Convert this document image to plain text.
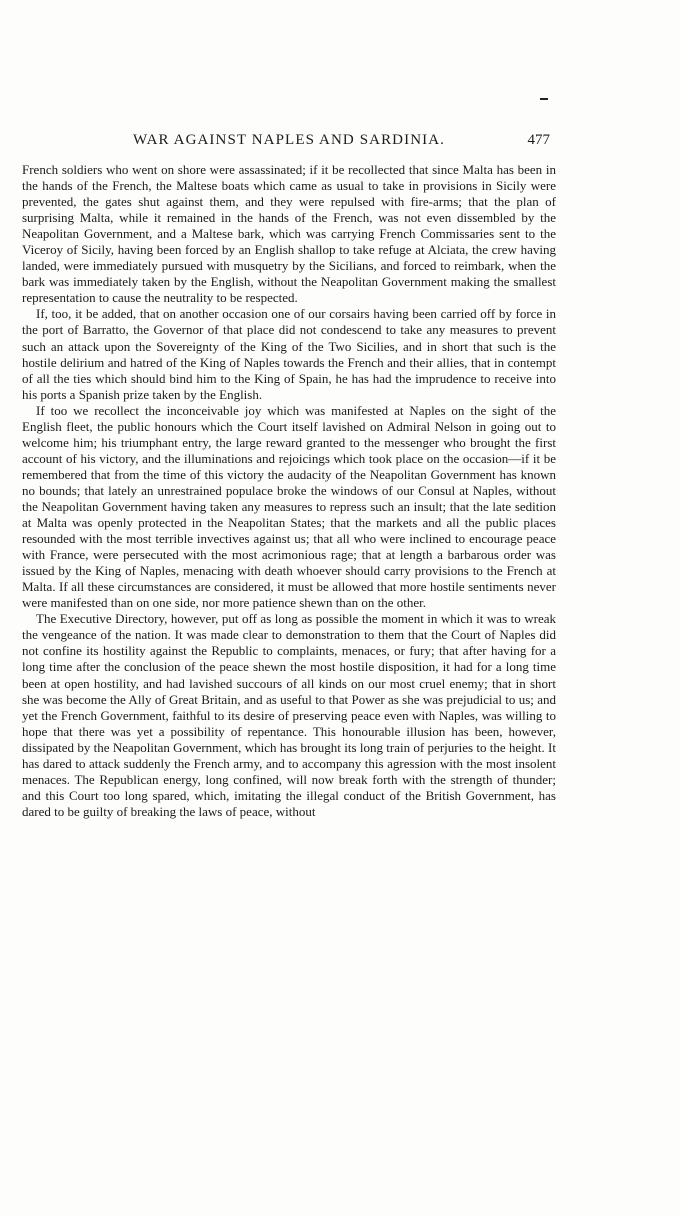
WAR AGAINST NAPLES AND SARDINIA.	477

French soldiers who went on shore were assassinated; if it be recollected that since Malta has been in the hands of the French, the Maltese boats which came as usual to take in provisions in Sicily were prevented, the gates shut against them, and they were repulsed with fire-arms; that the plan of surprising Malta, while it remained in the hands of the French, was not even dissembled by the Neapolitan Government, and a Maltese bark, which was carrying French Commissaries sent to the Viceroy of Sicily, having been forced by an English shallop to take refuge at Alciata, the crew having landed, were immediately pursued with musquetry by the Sicilians, and forced to reimbark, when the bark was immediately taken by the English, without the Neapolitan Government making the smallest representation to cause the neutrality to be respected.

If, too, it be added, that on another occasion one of our corsairs having been carried off by force in the port of Barratto, the Governor of that place did not condescend to take any measures to prevent such an attack upon the Sovereignty of the King of the Two Sicilies, and in short that such is the hostile delirium and hatred of the King of Naples towards the French and their allies, that in contempt of all the ties which should bind him to the King of Spain, he has had the imprudence to receive into his ports a Spanish prize taken by the English.

If too we recollect the inconceivable joy which was manifested at Naples on the sight of the English fleet, the public honours which the Court itself lavished on Admiral Nelson in going out to welcome him; his triumphant entry, the large reward granted to the messenger who brought the first account of his victory, and the illuminations and rejoicings which took place on the occasion—if it be remembered that from the time of this victory the audacity of the Neapolitan Government has known no bounds; that lately an unrestrained populace broke the windows of our Consul at Naples, without the Neapolitan Government having taken any measures to repress such an insult; that the late sedition at Malta was openly protected in the Neapolitan States; that the markets and all the public places resounded with the most terrible invectives against us; that all who were inclined to encourage peace with France, were persecuted with the most acrimonious rage; that at length a barbarous order was issued by the King of Naples, menacing with death whoever should carry provisions to the French at Malta. If all these circumstances are considered, it must be allowed that more hostile sentiments never were manifested than on one side, nor more patience shewn than on the other.

The Executive Directory, however, put off as long as possible the moment in which it was to wreak the vengeance of the nation. It was made clear to demonstration to them that the Court of Naples did not confine its hostility against the Republic to complaints, menaces, or fury; that after having for a long time after the conclusion of the peace shewn the most hostile disposition, it had for a long time been at open hostility, and had lavished succours of all kinds on our most cruel enemy; that in short she was become the Ally of Great Britain, and as useful to that Power as she was prejudicial to us; and yet the French Government, faithful to its desire of preserving peace even with Naples, was willing to hope that there was yet a possibility of repentance. This honourable illusion has been, however, dissipated by the Neapolitan Government, which has brought its long train of perjuries to the height. It has dared to attack suddenly the French army, and to accompany this agression with the most insolent menaces. The Republican energy, long confined, will now break forth with the strength of thunder; and this Court too long spared, which, imitating the illegal conduct of the British Government, has dared to be guilty of breaking the laws of peace, without
